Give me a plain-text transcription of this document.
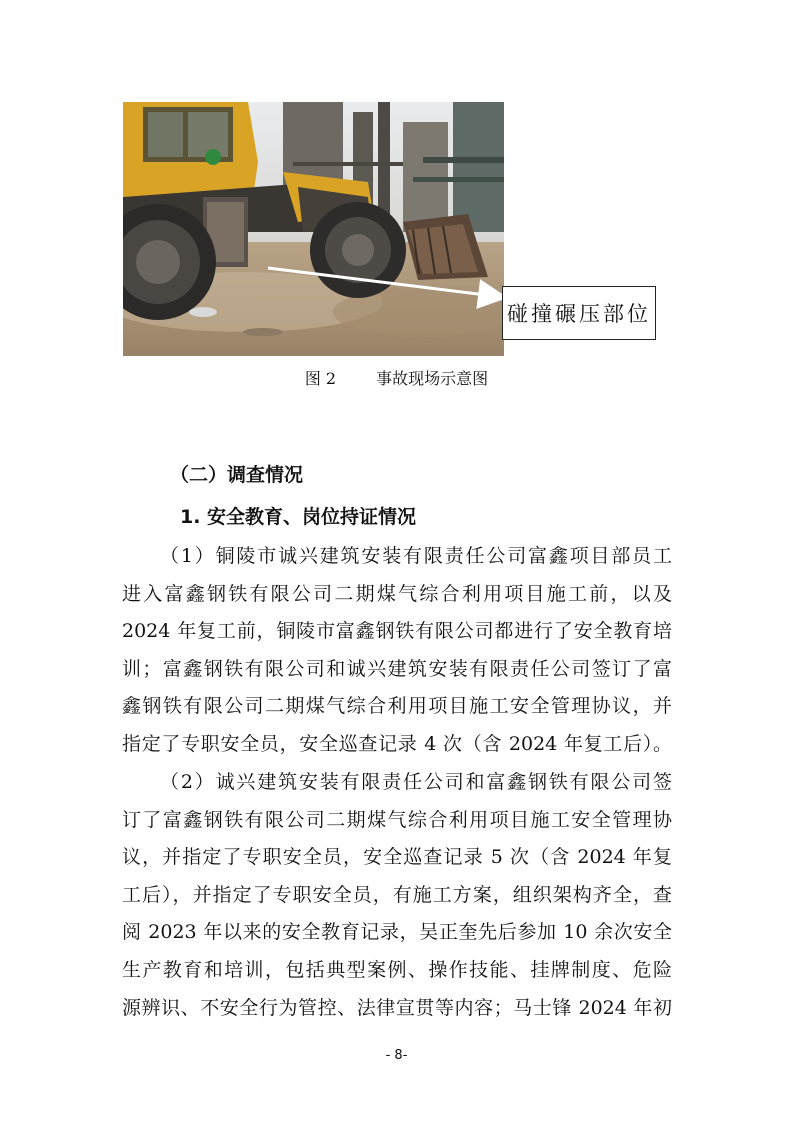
碰撞碾压部位
图 2	事故现场示意图
（二）调查情况
1. 安全教育、岗位持证情况
（1）铜陵市诚兴建筑安装有限责任公司富鑫项目部员工
进入富鑫钢铁有限公司二期煤气综合利用项目施工前，以及
2024 年复工前，铜陵市富鑫钢铁有限公司都进行了安全教育培
训；富鑫钢铁有限公司和诚兴建筑安装有限责任公司签订了富
鑫钢铁有限公司二期煤气综合利用项目施工安全管理协议，并
指定了专职安全员，安全巡查记录 4 次（含 2024 年复工后）。
（2）诚兴建筑安装有限责任公司和富鑫钢铁有限公司签
订了富鑫钢铁有限公司二期煤气综合利用项目施工安全管理协
议，并指定了专职安全员，安全巡查记录 5 次（含 2024 年复
工后），并指定了专职安全员，有施工方案，组织架构齐全，查
阅 2023 年以来的安全教育记录，吴正奎先后参加 10 余次安全
生产教育和培训，包括典型案例、操作技能、挂牌制度、危险
源辨识、不安全行为管控、法律宣贯等内容；马士锋 2024 年初
- 8-
